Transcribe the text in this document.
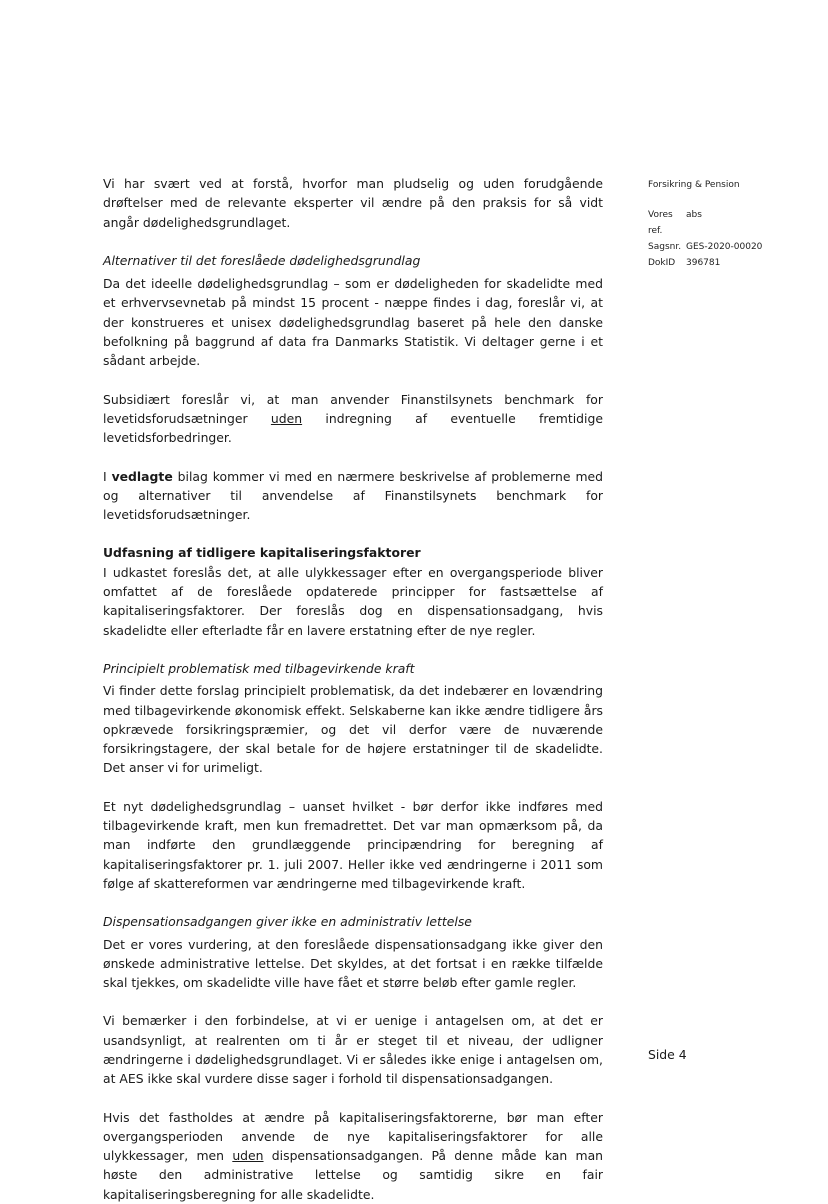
Forsikring & Pension
Vores ref.
abs
Sagsnr. GES-2020-00020
DokID	396781

Vi har svært ved at forstå, hvorfor man pludselig og uden forudgående drøftelser med de relevante eksperter vil ændre på den praksis for så vidt angår dødelighedsgrundlaget.

Alternativer til det foreslåede dødelighedsgrundlag

Da det ideelle dødelighedsgrundlag – som er dødeligheden for skadelidte med et erhvervsevnetab på mindst 15 procent - næppe findes i dag, foreslår vi, at der konstrueres et unisex dødelighedsgrundlag baseret på hele den danske befolkning på baggrund af data fra Danmarks Statistik. Vi deltager gerne i et sådant arbejde.

Subsidiært foreslår vi, at man anvender Finanstilsynets benchmark for levetidsforudsætninger uden indregning af eventuelle fremtidige levetidsforbedringer.

I vedlagte bilag kommer vi med en nærmere beskrivelse af problemerne med og alternativer til anvendelse af Finanstilsynets benchmark for levetidsforudsætninger.

Udfasning af tidligere kapitaliseringsfaktorer

I udkastet foreslås det, at alle ulykkessager efter en overgangsperiode bliver omfattet af de foreslåede opdaterede principper for fastsættelse af kapitaliseringsfaktorer. Der foreslås dog en dispensationsadgang, hvis skadelidte eller efterladte får en lavere erstatning efter de nye regler.

Principielt problematisk med tilbagevirkende kraft

Vi finder dette forslag principielt problematisk, da det indebærer en lovændring med tilbagevirkende økonomisk effekt. Selskaberne kan ikke ændre tidligere års opkrævede forsikringspræmier, og det vil derfor være de nuværende forsikringstagere, der skal betale for de højere erstatninger til de skadelidte. Det anser vi for urimeligt.

Et nyt dødelighedsgrundlag – uanset hvilket - bør derfor ikke indføres med tilbagevirkende kraft, men kun fremadrettet. Det var man opmærksom på, da man indførte den grundlæggende principændring for beregning af kapitaliseringsfaktorer pr. 1. juli 2007. Heller ikke ved ændringerne i 2011 som følge af skattereformen var ændringerne med tilbagevirkende kraft.

Dispensationsadgangen giver ikke en administrativ lettelse

Det er vores vurdering, at den foreslåede dispensationsadgang ikke giver den ønskede administrative lettelse. Det skyldes, at det fortsat i en række tilfælde skal tjekkes, om skadelidte ville have fået et større beløb efter gamle regler.

Vi bemærker i den forbindelse, at vi er uenige i antagelsen om, at det er usandsynligt, at realrenten om ti år er steget til et niveau, der udligner ændringerne i dødelighedsgrundlaget. Vi er således ikke enige i antagelsen om, at AES ikke skal vurdere disse sager i forhold til dispensationsadgangen.

Hvis det fastholdes at ændre på kapitaliseringsfaktorerne, bør man efter overgangsperioden anvende de nye kapitaliseringsfaktorer for alle ulykkessager, men uden dispensationsadgangen. På denne måde kan man høste den administrative lettelse og samtidig sikre en fair kapitaliseringsberegning for alle skadelidte.

Side 4
